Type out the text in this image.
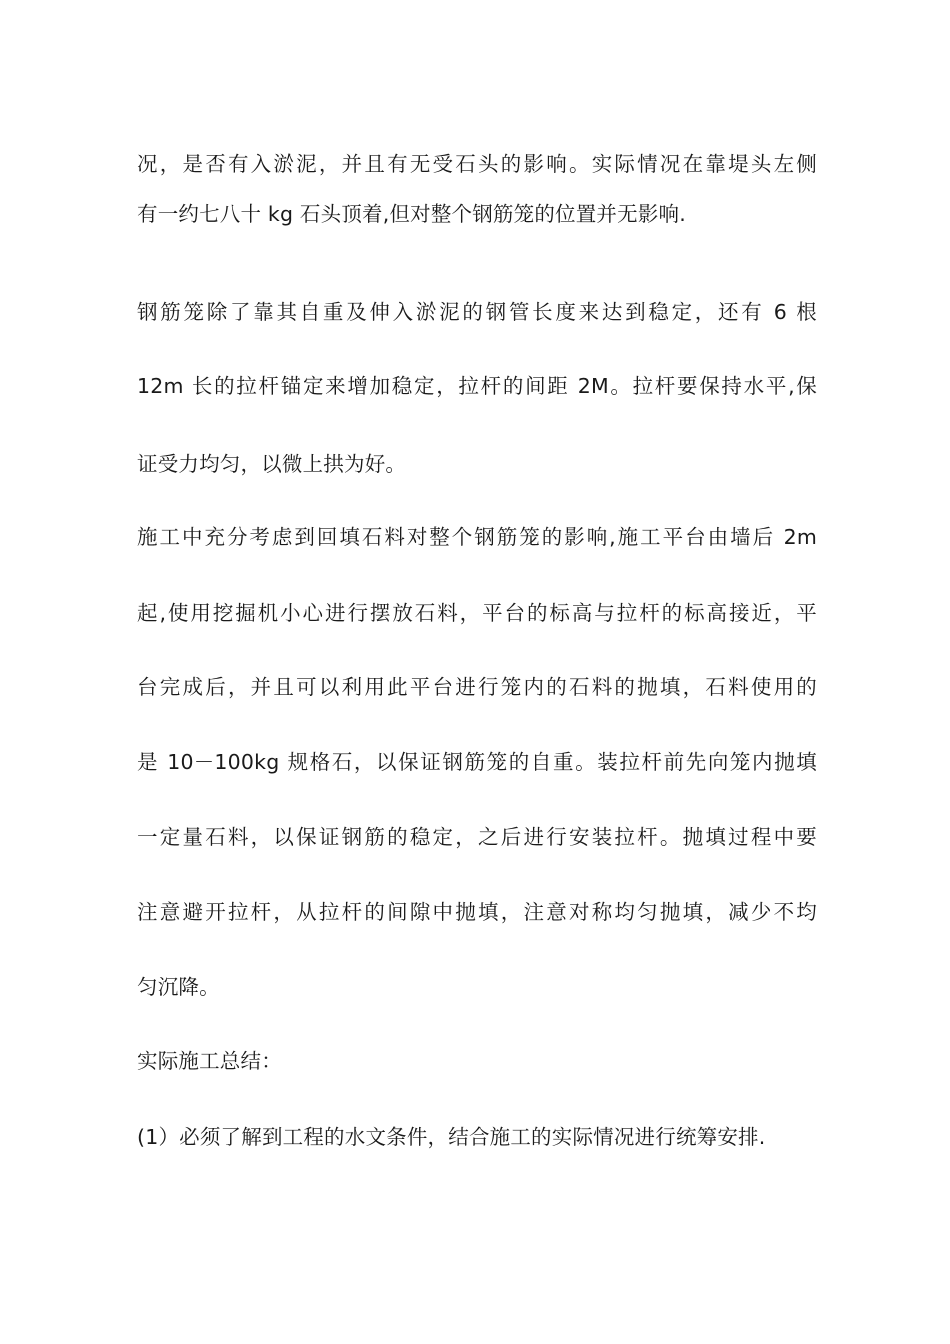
况，是否有入淤泥，并且有无受石头的影响。实际情况在靠堤头左侧
有一约七八十 kg 石头顶着,但对整个钢筋笼的位置并无影响.
钢筋笼除了靠其自重及伸入淤泥的钢管长度来达到稳定，还有 6 根
12m 长的拉杆锚定来增加稳定，拉杆的间距 2M。拉杆要保持水平,保
证受力均匀，以微上拱为好。
施工中充分考虑到回填石料对整个钢筋笼的影响,施工平台由墙后 2m
起,使用挖掘机小心进行摆放石料，平台的标高与拉杆的标高接近，平
台完成后，并且可以利用此平台进行笼内的石料的抛填，石料使用的
是 10－100kg 规格石，以保证钢筋笼的自重。装拉杆前先向笼内抛填
一定量石料，以保证钢筋的稳定，之后进行安装拉杆。抛填过程中要
注意避开拉杆，从拉杆的间隙中抛填，注意对称均匀抛填，减少不均
匀沉降。
实际施工总结：
(1）必须了解到工程的水文条件，结合施工的实际情况进行统筹安排.
